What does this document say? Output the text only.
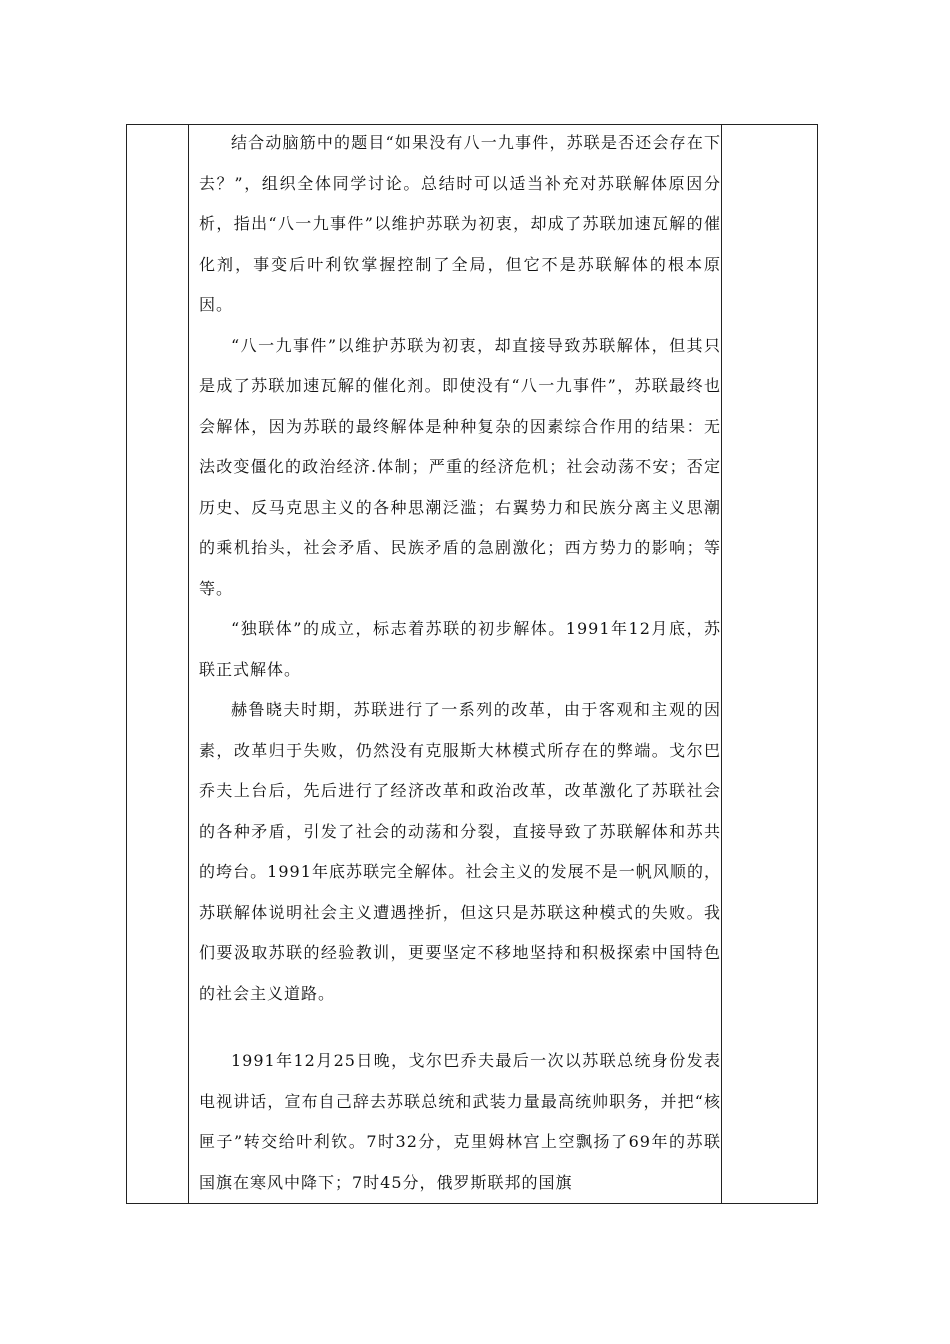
结合动脑筋中的题目“如果没有八一九事件，苏联是否还会存在下去？”，组织全体同学讨论。总结时可以适当补充对苏联解体原因分析，指出“八一九事件”以维护苏联为初衷，却成了苏联加速瓦解的催化剂，事变后叶利钦掌握控制了全局，但它不是苏联解体的根本原因。

“八一九事件”以维护苏联为初衷，却直接导致苏联解体，但其只是成了苏联加速瓦解的催化剂。即使没有“八一九事件”，苏联最终也会解体，因为苏联的最终解体是种种复杂的因素综合作用的结果：无法改变僵化的政治经济.体制；严重的经济危机；社会动荡不安；否定历史、反马克思主义的各种思潮泛滥；右翼势力和民族分离主义思潮的乘机抬头，社会矛盾、民族矛盾的急剧激化；西方势力的影响；等等。

“独联体”的成立，标志着苏联的初步解体。1991年12月底，苏联正式解体。

赫鲁晓夫时期，苏联进行了一系列的改革，由于客观和主观的因素，改革归于失败，仍然没有克服斯大林模式所存在的弊端。戈尔巴乔夫上台后，先后进行了经济改革和政治改革，改革激化了苏联社会的各种矛盾，引发了社会的动荡和分裂，直接导致了苏联解体和苏共的垮台。1991年底苏联完全解体。社会主义的发展不是一帆风顺的，苏联解体说明社会主义遭遇挫折，但这只是苏联这种模式的失败。我们要汲取苏联的经验教训，更要坚定不移地坚持和积极探索中国特色的社会主义道路。

1991年12月25日晚，戈尔巴乔夫最后一次以苏联总统身份发表电视讲话，宣布自己辞去苏联总统和武装力量最高统帅职务，并把“核匣子”转交给叶利钦。7时32分，克里姆林宫上空飘扬了69年的苏联国旗在寒风中降下；7时45分，俄罗斯联邦的国旗
